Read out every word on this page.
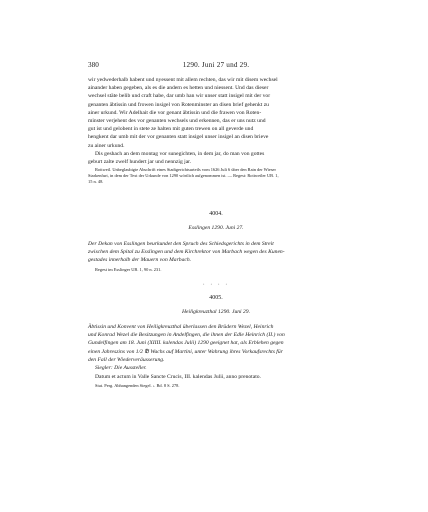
380	1290. Juni 27 und 29.

wir yedwederhalb habent und nyessent mit allem rechten, das wir mit disem wechsel

ainander haben gegeben, als es die andern es hetten und niessent. Und das dieser

wechsel stäte belib und craft habe, dar umb han wir unser statt insigel mit der vor

genanten äbtissin und frowen insigel von Rotenminster an disen brief gehenkt zu

ainer urkund. Wir Adelhait die vor genant äbtissin und die frawen von Roten-

minster verjehent des vor genanten wechsels und erkennen, das er uns nutz und

gut ist und gelobent in stete ze halten mit guten trewen on all geverde und

hengkent dar umb mit der vor genanten statt insigel unser insigel an disen brieve

zu ainer urkund.

Dis geshach an dem montag vor sunegichten, in dem jar, do man von gottes

geburt zalte zwelf hundert jar und nennzig jar.

Rottweil. Unbeglaubigte Abschrift eines Stadtgerichtsurteils vom 1626 Juli 6 über den Rain der Wieser

Starkenfurt, in dem der Text der Urkunde von 1290 wörtlich aufgenommen ist. — Regest: Rottweiler UB. 1,

15 n. 48.

4004.
Esslingen 1290. Juni 27.

Der Dekan von Esslingen beurkundet den Spruch des Schiedsgerichts in dem Streit

zwischen dem Spital zu Esslingen und dem Kirchrektor von Marbach wegen des Kunen-

gestades innerhalb der Mauern von Marbach.

Regest im Esslinger UB. 1, 90 n. 231.

· · · ·
4005.
Heiligkreuzthal 1290. Juni 29.

Äbtissin und Konvent von Heiligkreuzthal überlassen den Brüdern Wezel, Heinrich

und Konrad Wezel die Besitzungen in Andelfingen, die ihnen der Edle Heinrich (II.) von

Gundelfingen am 18. Juni (XIIII. kalendas Julii) 1290 geeignet hat, als Erblehen gegen

einen Jahreszins von 1/2 ℔ Wachs auf Martini, unter Wahrung ihres Vorkaufsrechts für

den Fall der Wiederveräusserung.

Siegler: Die Aussteller.

Datum et actum in Valle Sancte Crucis, III. kalendas Julii, anno prenotato.

Stut. Perg. Abhangenden Siegel. ‹. Bd. 8 S. 278.
